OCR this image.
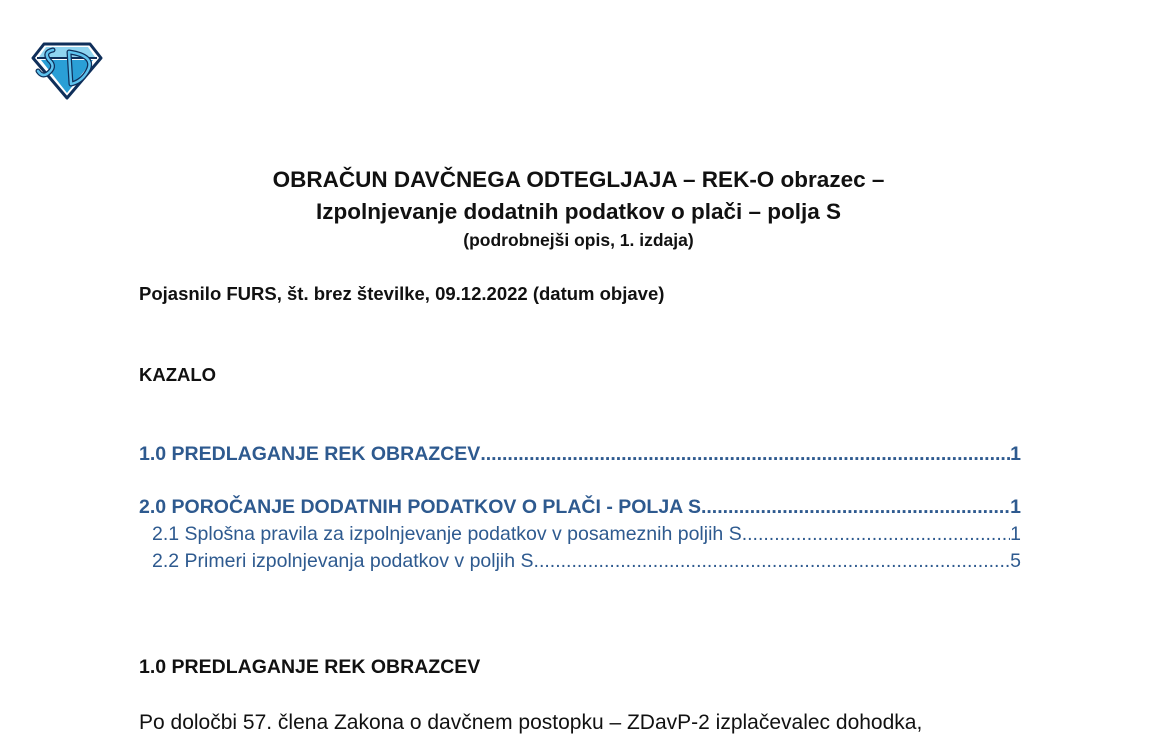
OBRAČUN DAVČNEGA ODTEGLJAJA – REK-O obrazec –
Izpolnjevanje dodatnih podatkov o plači – polja S
(podrobnejši opis, 1. izdaja)
Pojasnilo FURS, št. brez številke, 09.12.2022 (datum objave)
KAZALO
1.0 PREDLAGANJE REK OBRAZCEV .....	1
2.0 POROČANJE DODATNIH PODATKOV O PLAČI - POLJA S .....	1
2.1 Splošna pravila za izpolnjevanje podatkov v posameznih poljih S .....	1
2.2 Primeri izpolnjevanja podatkov v poljih S .....	5
1.0 PREDLAGANJE REK OBRAZCEV
Po določbi 57. člena Zakona o davčnem postopku – ZDavP-2 izplačevalec dohodka,
